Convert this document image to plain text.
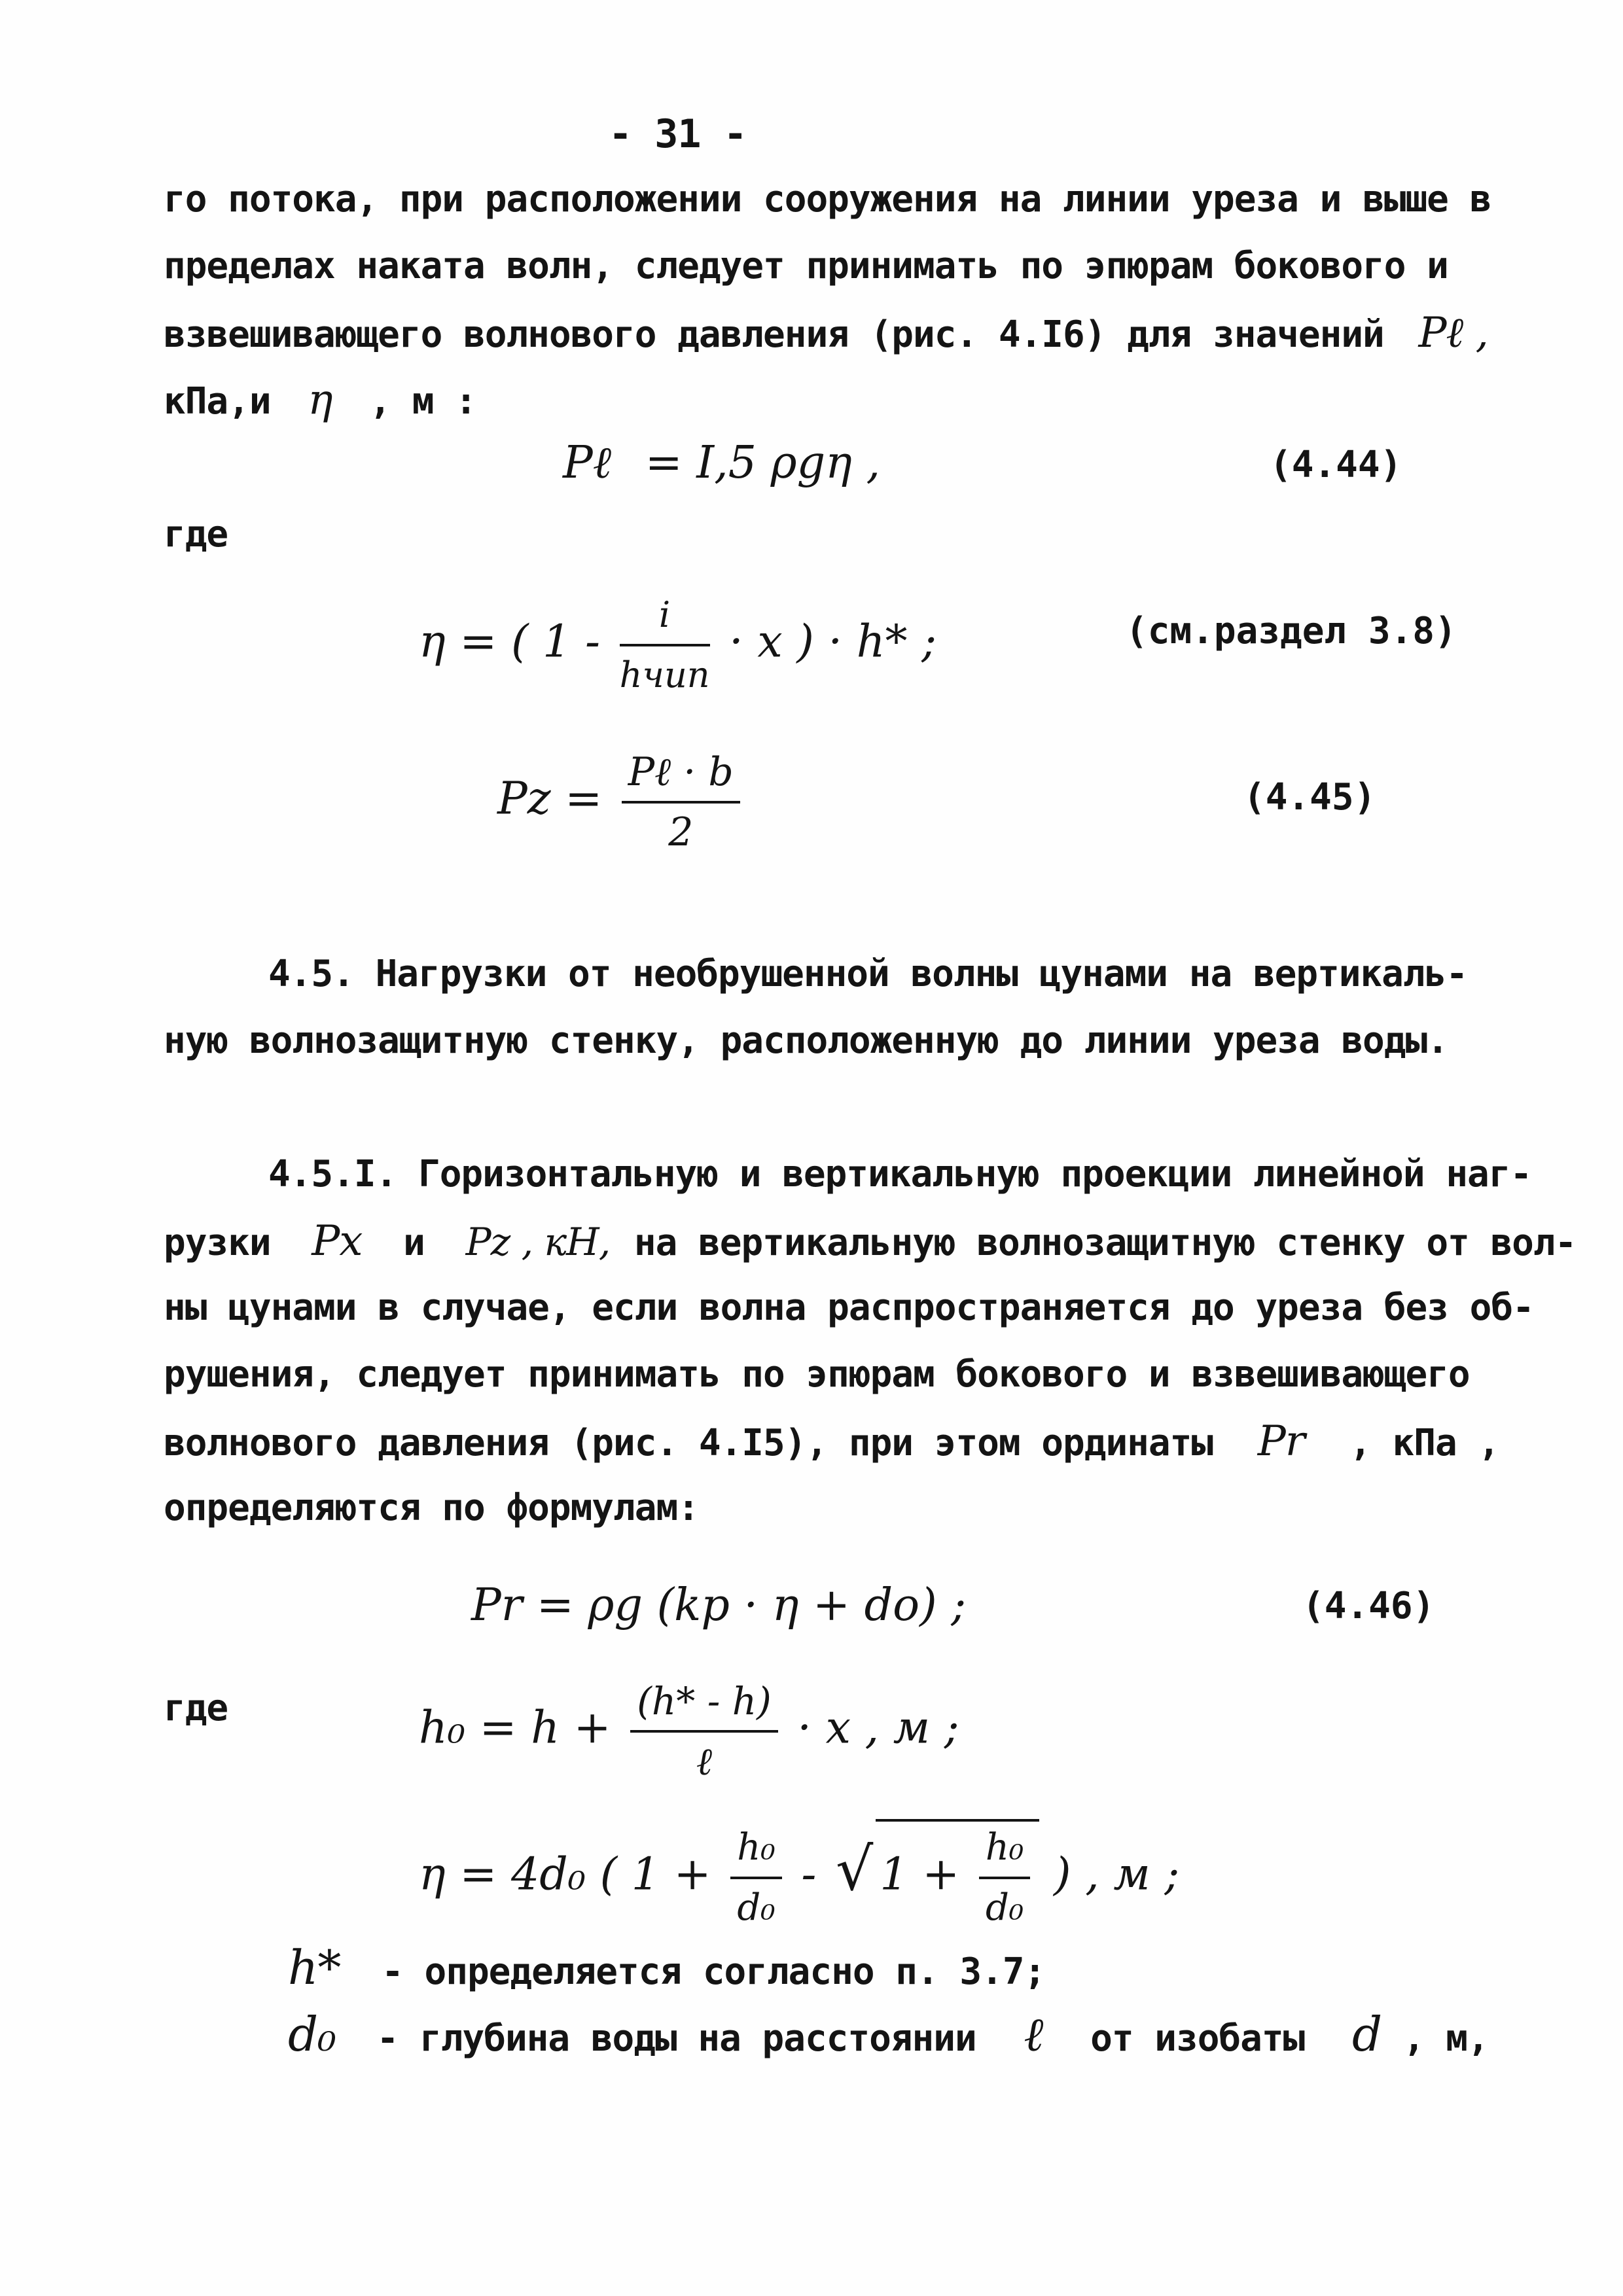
- 31 -
го потока, при расположении сооружения на линии уреза и выше в
пределах наката волн, следует принимать по эпюрам бокового и
взвешивающего волнового давления (рис. 4.I6) для значений Pℓ ,
кПа,и η , м :
Pℓ = I,5 ρgη ,	(4.44)
где
η = ( $1 - \frac{i}{\text{hчип}} \cdot x$ ) · h* ;	(см.раздел 3.8)
$Pz = \frac{\text{Pℓ · b}}{2}$	(4.45)
4.5. Нагрузки от необрушенной волны цунами на вертикаль-
ную волнозащитную стенку, расположенную до линии уреза воды.
4.5.I. Горизонтальную и вертикальную проекции линейной наг-
рузки Px и Pz , кН, на вертикальную волнозащитную стенку от вол-
ны цунами в случае, если волна распространяется до уреза без об-
рушения, следует принимать по эпюрам бокового и взвешивающего
волнового давления (рис. 4.I5), при этом ординаты Pr , кПа ,
определяются по формулам:
Pr = ρg (kp · η + do) ;	(4.46)
где	$h_0 = h + \frac{(h* - h)}{\text{ℓ}} \cdot x$ , м ;
η = 4d₀ ( $1 + \frac{\text{h₀}}{\text{d₀}}$ - √ $1 + \frac{\text{h₀}}{\text{d₀}}$ ) , м ;
h* - определяется согласно п. 3.7;
d₀ - глубина воды на расстоянии ℓ от изобаты d , м,
